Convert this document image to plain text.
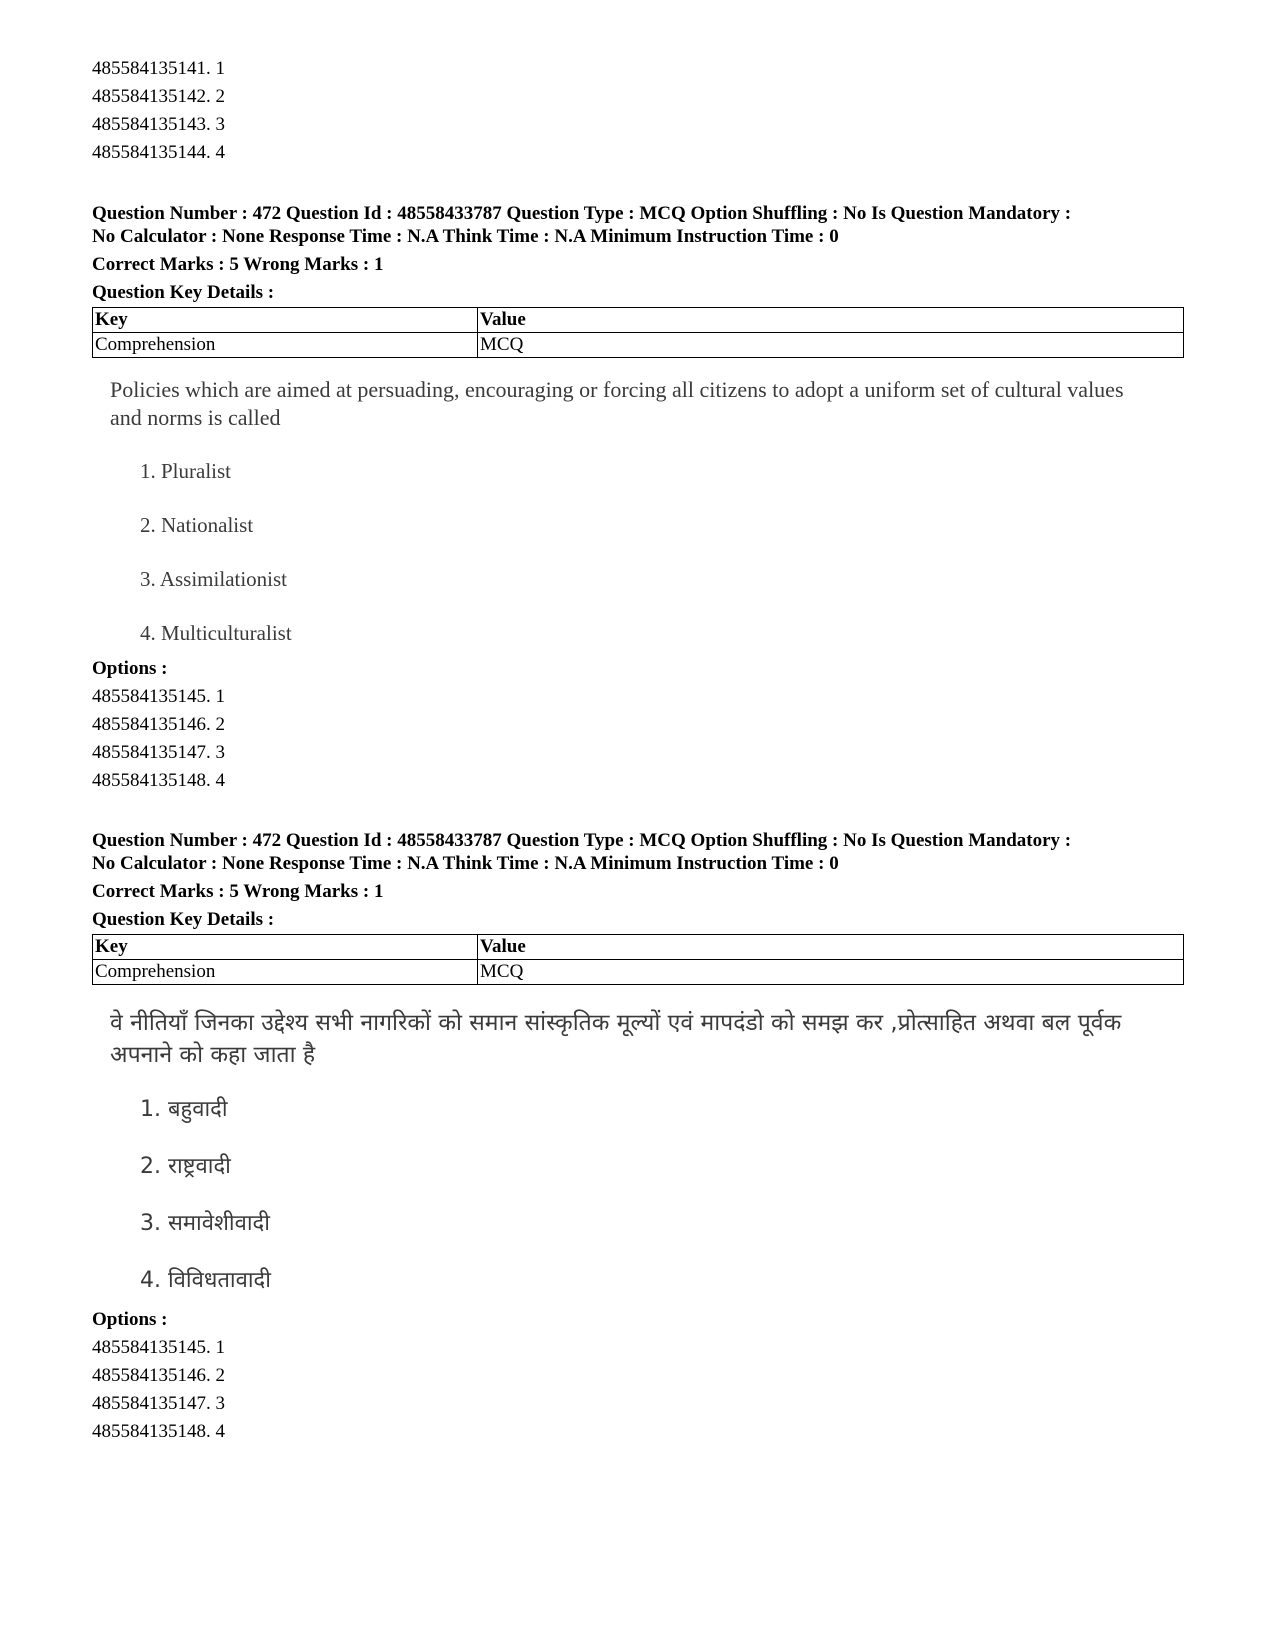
485584135141. 1
485584135142. 2
485584135143. 3
485584135144. 4
Question Number : 472 Question Id : 48558433787 Question Type : MCQ Option Shuffling : No Is Question Mandatory :
No Calculator : None Response Time : N.A Think Time : N.A Minimum Instruction Time : 0
Correct Marks : 5 Wrong Marks : 1
Question Key Details :
Key	Value
Comprehension	MCQ
Policies which are aimed at persuading, encouraging or forcing all citizens to adopt a uniform set of cultural values and norms is called
1. Pluralist
2. Nationalist
3. Assimilationist
4. Multiculturalist
Options :
485584135145. 1
485584135146. 2
485584135147. 3
485584135148. 4
Question Number : 472 Question Id : 48558433787 Question Type : MCQ Option Shuffling : No Is Question Mandatory :
No Calculator : None Response Time : N.A Think Time : N.A Minimum Instruction Time : 0
Correct Marks : 5 Wrong Marks : 1
Question Key Details :
Key	Value
Comprehension	MCQ
वे नीतियाँ जिनका उद्देश्य सभी नागरिकों को समान सांस्कृतिक मूल्यों एवं मापदंडो को समझ कर ,प्रोत्साहित अथवा बल पूर्वक अपनाने को कहा जाता है
1. बहुवादी
2. राष्ट्रवादी
3. समावेशीवादी
4. विविधतावादी
Options :
485584135145. 1
485584135146. 2
485584135147. 3
485584135148. 4
